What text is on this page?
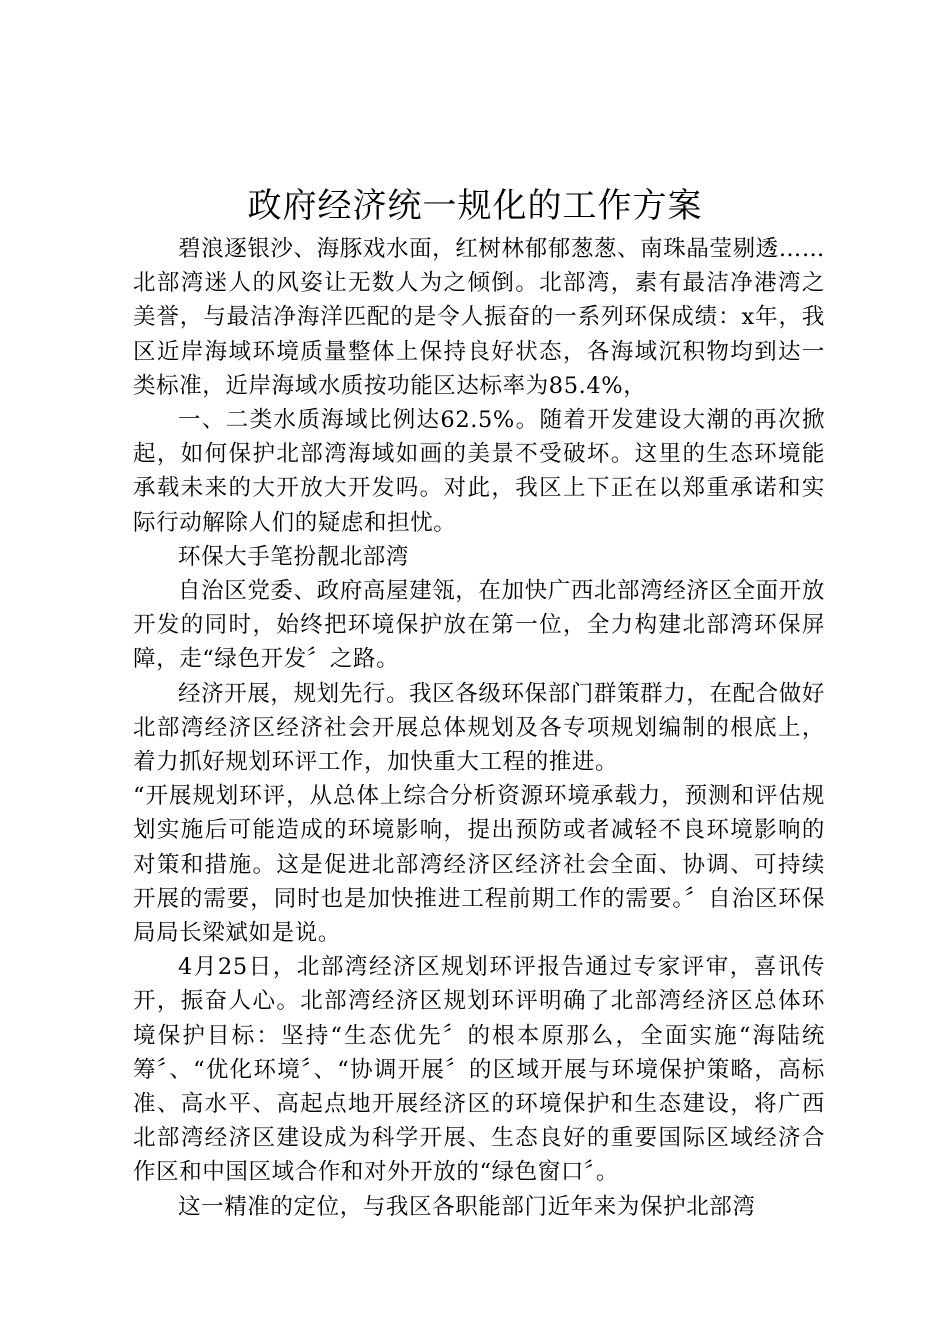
政府经济统一规化的工作方案

碧浪逐银沙、海豚戏水面，红树林郁郁葱葱、南珠晶莹剔透……北部湾迷人的风姿让无数人为之倾倒。北部湾，素有最洁净港湾之美誉，与最洁净海洋匹配的是令人振奋的一系列环保成绩：x年，我区近岸海域环境质量整体上保持良好状态，各海域沉积物均到达一类标准，近岸海域水质按功能区达标率为85.4%，

一、二类水质海域比例达62.5%。随着开发建设大潮的再次掀起，如何保护北部湾海域如画的美景不受破坏。这里的生态环境能承载未来的大开放大开发吗。对此，我区上下正在以郑重承诺和实际行动解除人们的疑虑和担忧。

环保大手笔扮靓北部湾

自治区党委、政府高屋建瓴，在加快广西北部湾经济区全面开放开发的同时，始终把环境保护放在第一位，全力构建北部湾环保屏障，走“绿色开发〞之路。

经济开展，规划先行。我区各级环保部门群策群力，在配合做好北部湾经济区经济社会开展总体规划及各专项规划编制的根底上，着力抓好规划环评工作，加快重大工程的推进。

“开展规划环评，从总体上综合分析资源环境承载力，预测和评估规划实施后可能造成的环境影响，提出预防或者减轻不良环境影响的对策和措施。这是促进北部湾经济区经济社会全面、协调、可持续开展的需要，同时也是加快推进工程前期工作的需要。〞自治区环保局局长梁斌如是说。

4月25日，北部湾经济区规划环评报告通过专家评审，喜讯传开，振奋人心。北部湾经济区规划环评明确了北部湾经济区总体环境保护目标：坚持“生态优先〞的根本原那么，全面实施“海陆统筹〞、“优化环境〞、“协调开展〞的区域开展与环境保护策略，高标准、高水平、高起点地开展经济区的环境保护和生态建设，将广西北部湾经济区建设成为科学开展、生态良好的重要国际区域经济合作区和中国区域合作和对外开放的“绿色窗口〞。

这一精准的定位，与我区各职能部门近年来为保护北部湾
